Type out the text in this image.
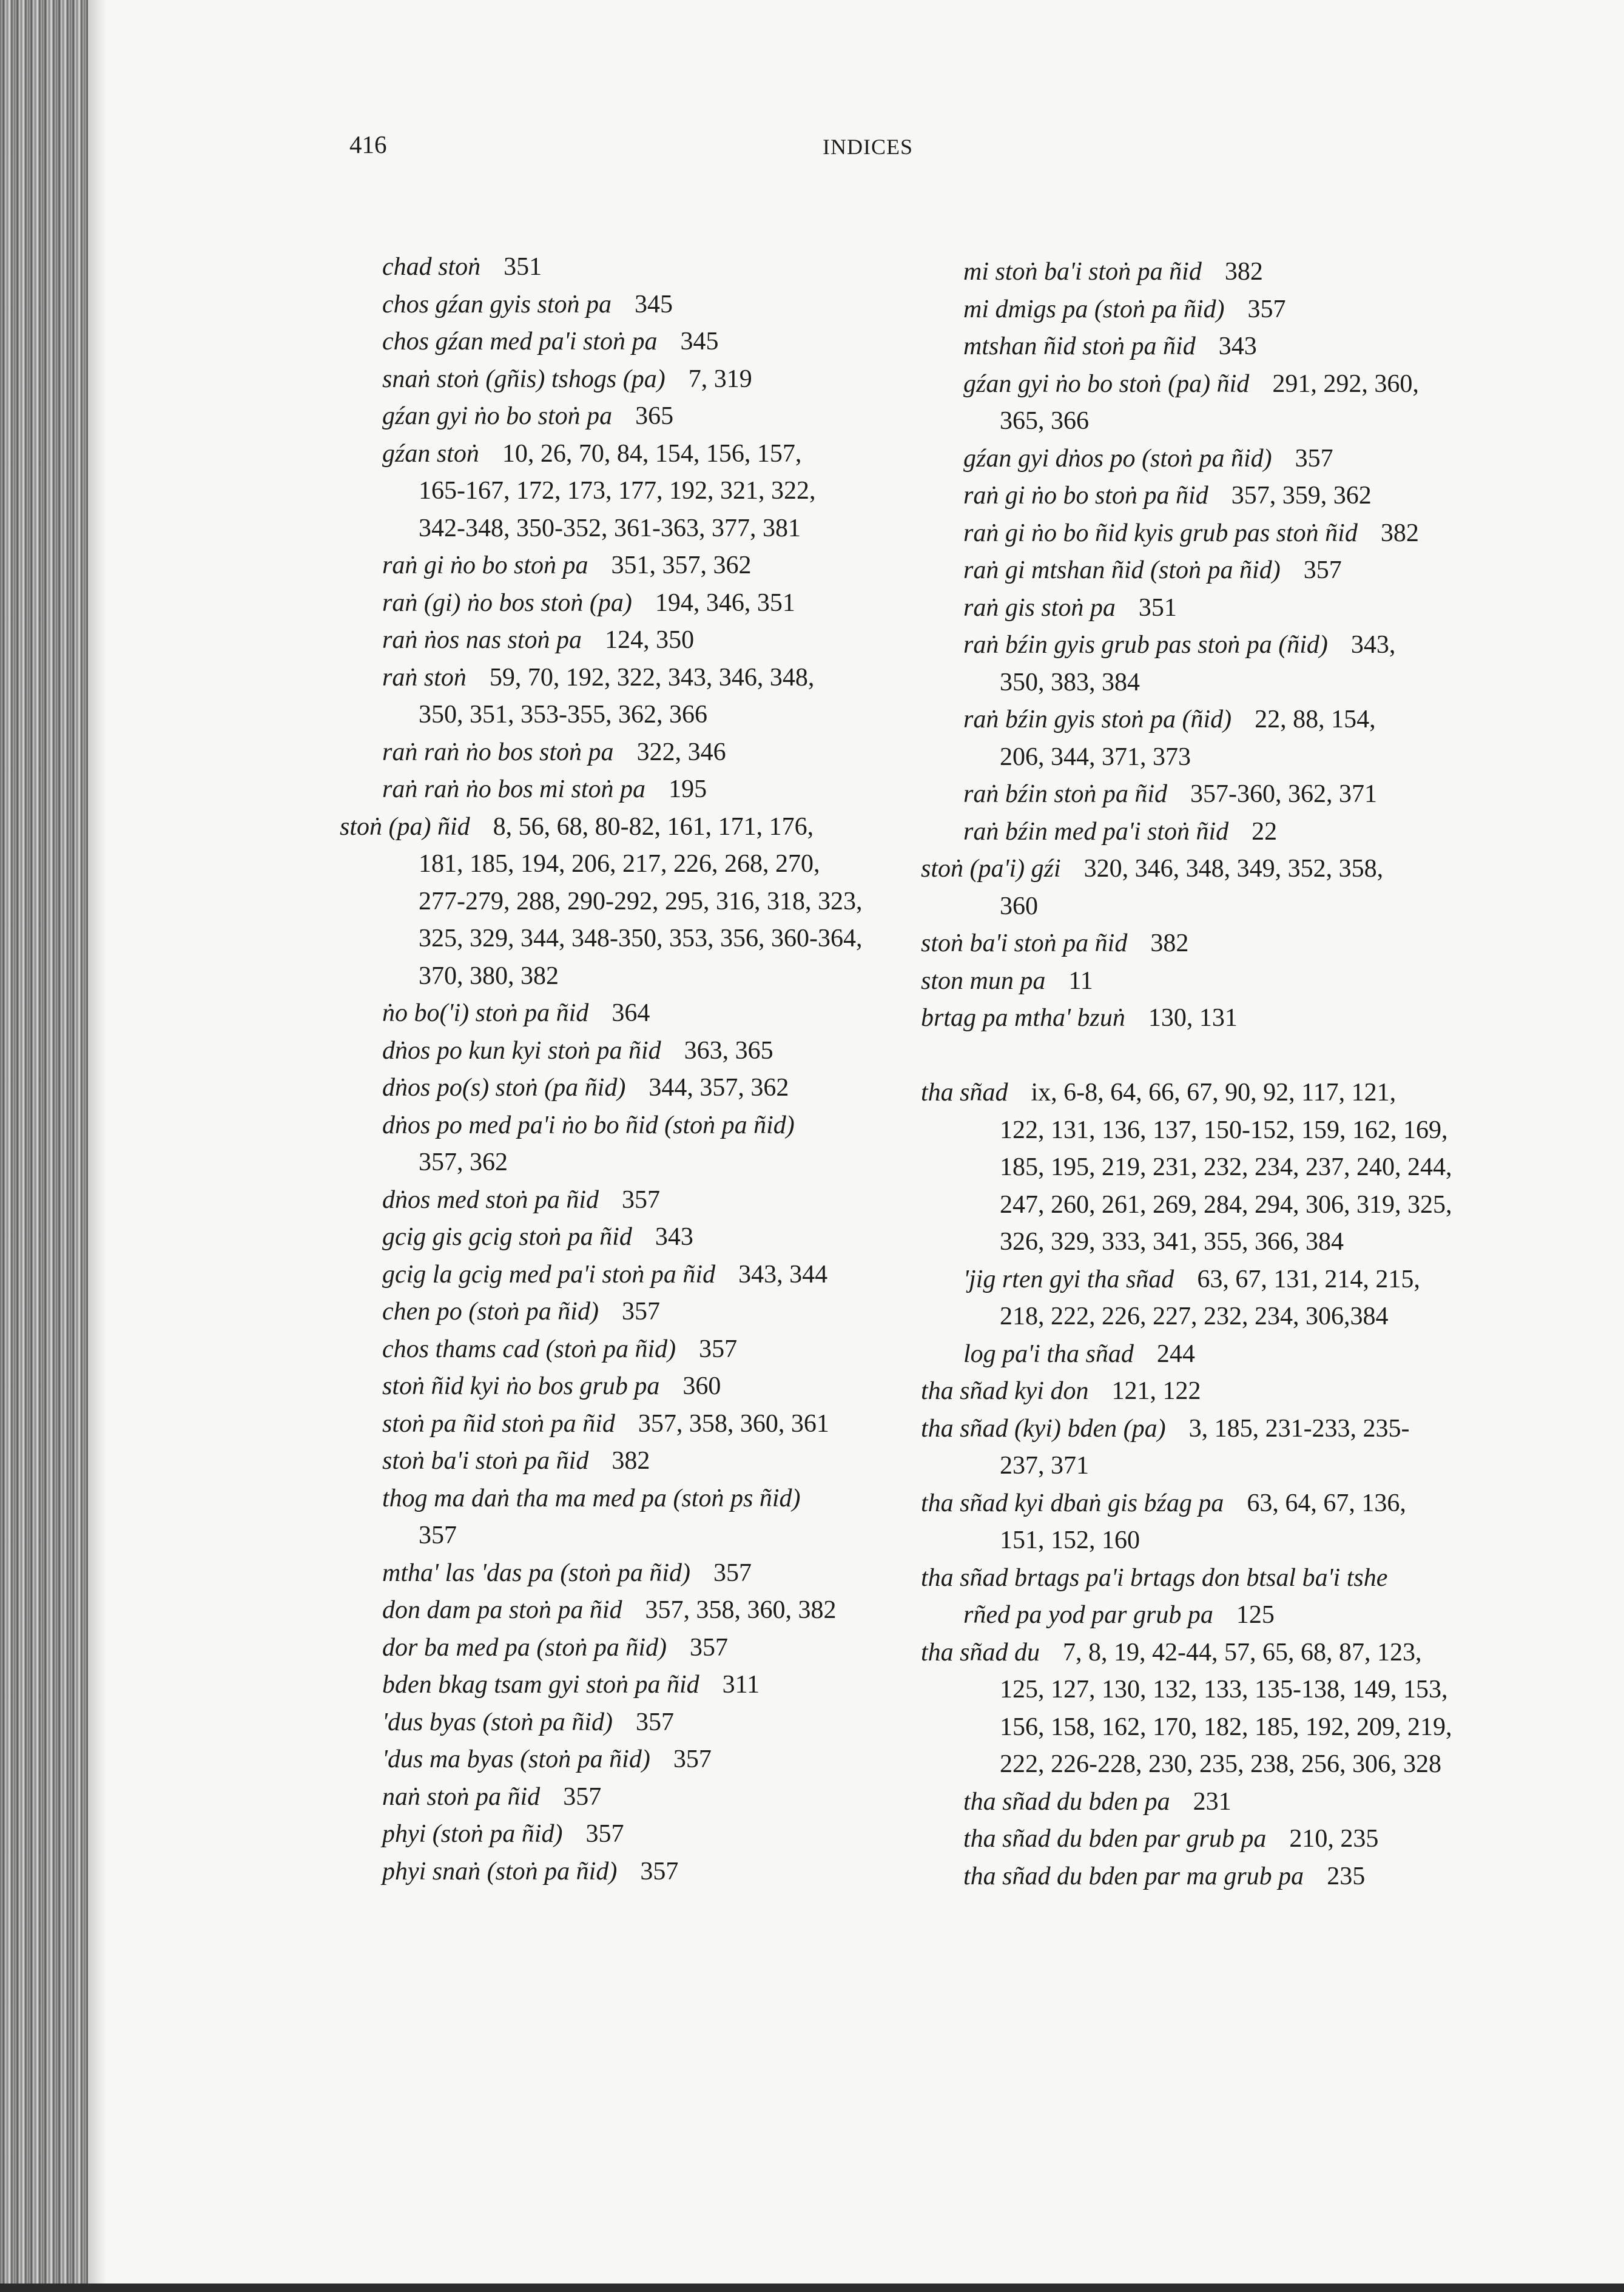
416	INDICES
chad stoṅ 351
chos gźan gyis stoṅ pa 345
chos gźan med pa'i stoṅ pa 345
snaṅ stoṅ (gñis) tshogs (pa) 7, 319
gźan gyi ṅo bo stoṅ pa 365
gźan stoṅ 10, 26, 70, 84, 154, 156, 157,
165-167, 172, 173, 177, 192, 321, 322,
342-348, 350-352, 361-363, 377, 381
raṅ gi ṅo bo stoṅ pa 351, 357, 362
raṅ (gi) ṅo bos stoṅ (pa) 194, 346, 351
raṅ ṅos nas stoṅ pa 124, 350
raṅ stoṅ 59, 70, 192, 322, 343, 346, 348,
350, 351, 353-355, 362, 366
raṅ raṅ ṅo bos stoṅ pa 322, 346
raṅ raṅ ṅo bos mi stoṅ pa 195
stoṅ (pa) ñid 8, 56, 68, 80-82, 161, 171, 176,
181, 185, 194, 206, 217, 226, 268, 270,
277-279, 288, 290-292, 295, 316, 318, 323,
325, 329, 344, 348-350, 353, 356, 360-364,
370, 380, 382
ṅo bo('i) stoṅ pa ñid 364
dṅos po kun kyi stoṅ pa ñid 363, 365
dṅos po(s) stoṅ (pa ñid) 344, 357, 362
dṅos po med pa'i ṅo bo ñid (stoṅ pa ñid)
357, 362
dṅos med stoṅ pa ñid 357
gcig gis gcig stoṅ pa ñid 343
gcig la gcig med pa'i stoṅ pa ñid 343, 344
chen po (stoṅ pa ñid) 357
chos thams cad (stoṅ pa ñid) 357
stoṅ ñid kyi ṅo bos grub pa 360
stoṅ pa ñid stoṅ pa ñid 357, 358, 360, 361
stoṅ ba'i stoṅ pa ñid 382
thog ma daṅ tha ma med pa (stoṅ ps ñid)
357
mtha' las 'das pa (stoṅ pa ñid) 357
don dam pa stoṅ pa ñid 357, 358, 360, 382
dor ba med pa (stoṅ pa ñid) 357
bden bkag tsam gyi stoṅ pa ñid 311
'dus byas (stoṅ pa ñid) 357
'dus ma byas (stoṅ pa ñid) 357
naṅ stoṅ pa ñid 357
phyi (stoṅ pa ñid) 357
phyi snaṅ (stoṅ pa ñid) 357
mi stoṅ ba'i stoṅ pa ñid 382
mi dmigs pa (stoṅ pa ñid) 357
mtshan ñid stoṅ pa ñid 343
gźan gyi ṅo bo stoṅ (pa) ñid 291, 292, 360,
365, 366
gźan gyi dṅos po (stoṅ pa ñid) 357
raṅ gi ṅo bo stoṅ pa ñid 357, 359, 362
raṅ gi ṅo bo ñid kyis grub pas stoṅ ñid 382
raṅ gi mtshan ñid (stoṅ pa ñid) 357
raṅ gis stoṅ pa 351
raṅ bźin gyis grub pas stoṅ pa (ñid) 343,
350, 383, 384
raṅ bźin gyis stoṅ pa (ñid) 22, 88, 154,
206, 344, 371, 373
raṅ bźin stoṅ pa ñid 357-360, 362, 371
raṅ bźin med pa'i stoṅ ñid 22
stoṅ (pa'i) gźi 320, 346, 348, 349, 352, 358,
360
stoṅ ba'i stoṅ pa ñid 382
ston mun pa 11
brtag pa mtha' bzuṅ 130, 131
tha sñad ix, 6-8, 64, 66, 67, 90, 92, 117, 121,
122, 131, 136, 137, 150-152, 159, 162, 169,
185, 195, 219, 231, 232, 234, 237, 240, 244,
247, 260, 261, 269, 284, 294, 306, 319, 325,
326, 329, 333, 341, 355, 366, 384
'jig rten gyi tha sñad 63, 67, 131, 214, 215,
218, 222, 226, 227, 232, 234, 306,384
log pa'i tha sñad 244
tha sñad kyi don 121, 122
tha sñad (kyi) bden (pa) 3, 185, 231-233, 235-
237, 371
tha sñad kyi dbaṅ gis bźag pa 63, 64, 67, 136,
151, 152, 160
tha sñad brtags pa'i brtags don btsal ba'i tshe
rñed pa yod par grub pa 125
tha sñad du 7, 8, 19, 42-44, 57, 65, 68, 87, 123,
125, 127, 130, 132, 133, 135-138, 149, 153,
156, 158, 162, 170, 182, 185, 192, 209, 219,
222, 226-228, 230, 235, 238, 256, 306, 328
tha sñad du bden pa 231
tha sñad du bden par grub pa 210, 235
tha sñad du bden par ma grub pa 235
